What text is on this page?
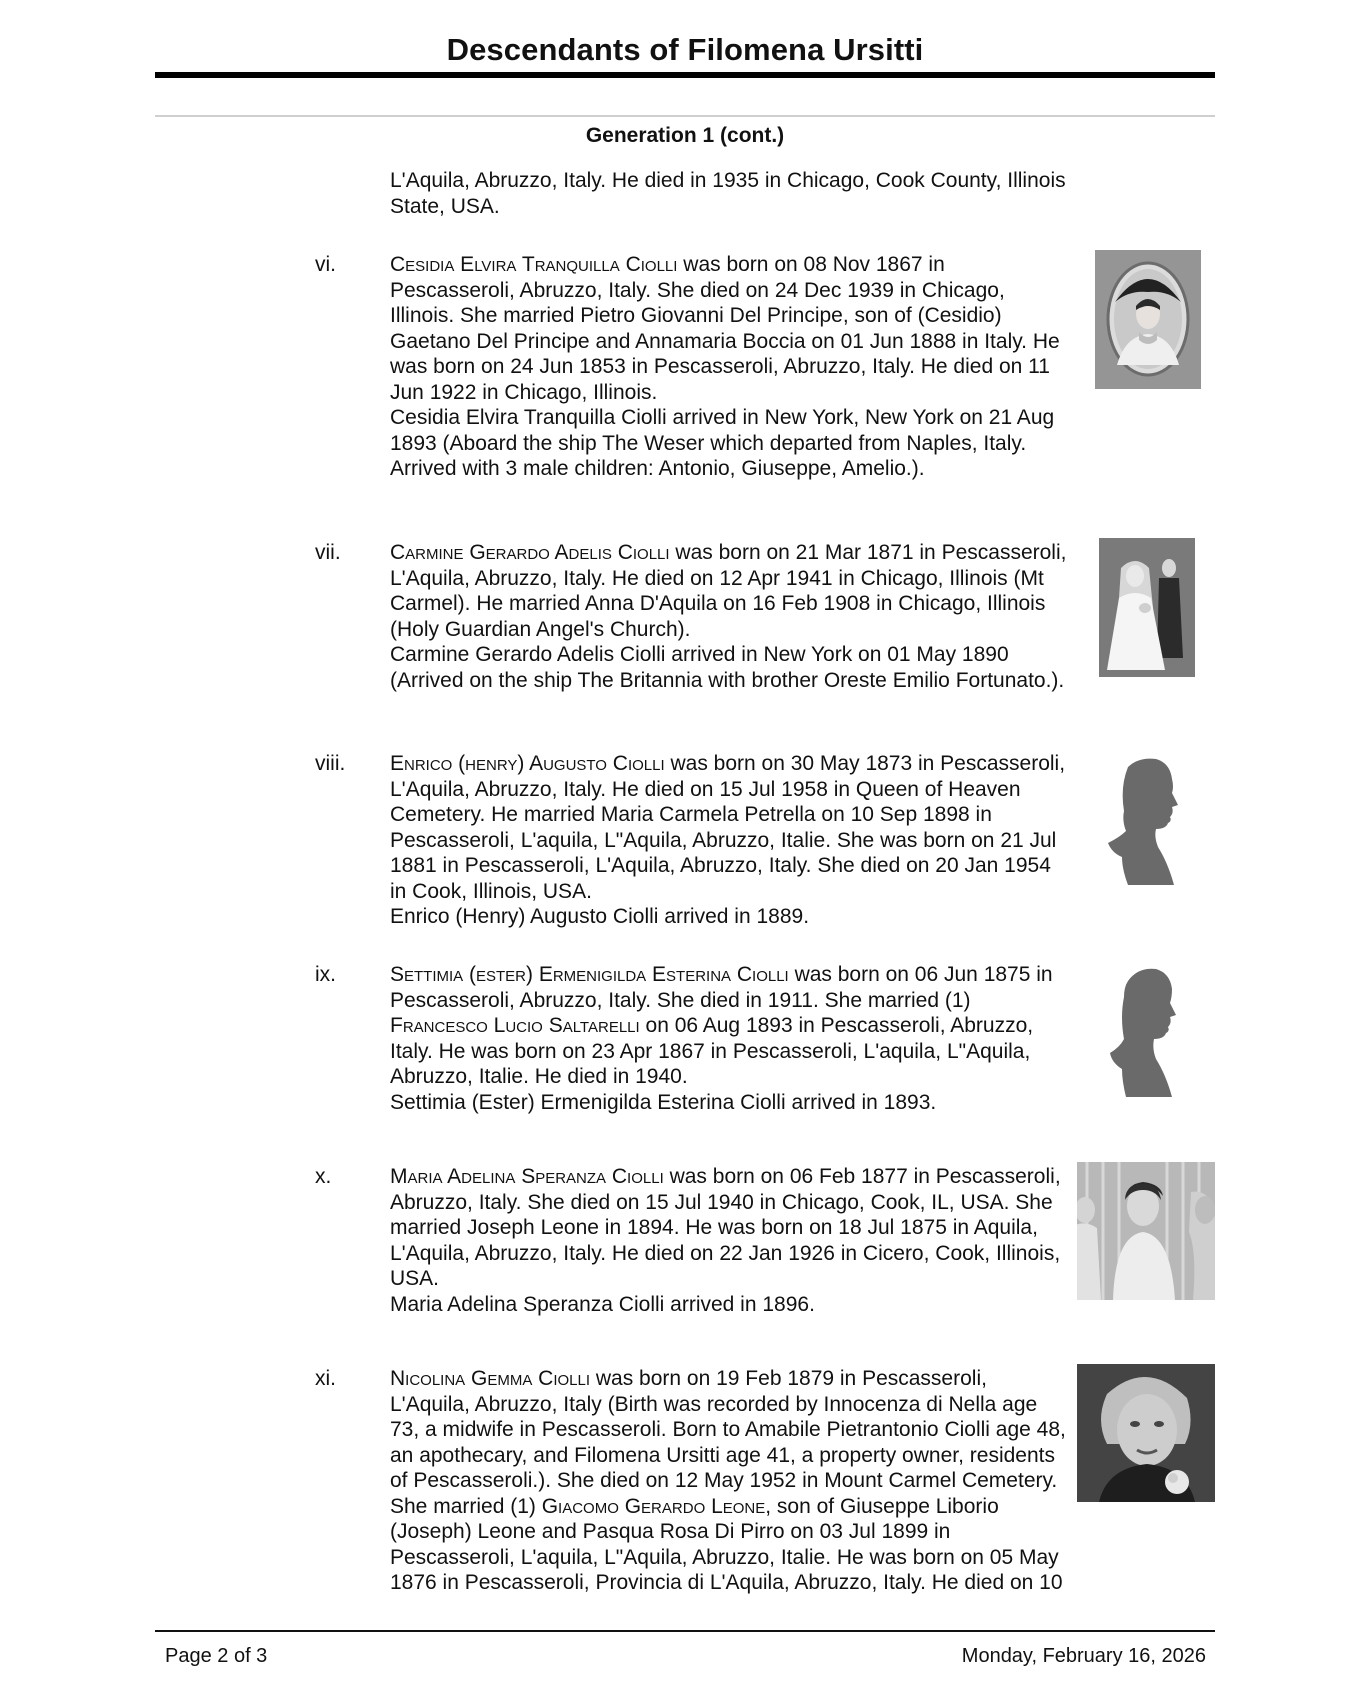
Descendants of Filomena Ursitti
Generation 1 (cont.)
L'Aquila, Abruzzo, Italy. He died in 1935 in Chicago, Cook County, Illinois State, USA.
vi.	Cesidia Elvira Tranquilla Ciolli was born on 08 Nov 1867 in Pescasseroli, Abruzzo, Italy. She died on 24 Dec 1939 in Chicago, Illinois. She married Pietro Giovanni Del Principe, son of (Cesidio) Gaetano Del Principe and Annamaria Boccia on 01 Jun 1888 in Italy. He was born on 24 Jun 1853 in Pescasseroli, Abruzzo, Italy. He died on 11 Jun 1922 in Chicago, Illinois.
Cesidia Elvira Tranquilla Ciolli arrived in New York, New York on 21 Aug 1893 (Aboard the ship The Weser which departed from Naples, Italy. Arrived with 3 male children: Antonio, Giuseppe, Amelio.).
vii. Carmine Gerardo Adelis Ciolli was born on 21 Mar 1871 in Pescasseroli, L'Aquila, Abruzzo, Italy. He died on 12 Apr 1941 in Chicago, Illinois (Mt Carmel). He married Anna D'Aquila on 16 Feb 1908 in Chicago, Illinois (Holy Guardian Angel's Church).
Carmine Gerardo Adelis Ciolli arrived in New York on 01 May 1890 (Arrived on the ship The Britannia with brother Oreste Emilio Fortunato.).
viii. Enrico (henry) Augusto Ciolli was born on 30 May 1873 in Pescasseroli, L'Aquila, Abruzzo, Italy. He died on 15 Jul 1958 in Queen of Heaven Cemetery. He married Maria Carmela Petrella on 10 Sep 1898 in Pescasseroli, L'aquila, L"Aquila, Abruzzo, Italie. She was born on 21 Jul 1881 in Pescasseroli, L'Aquila, Abruzzo, Italy. She died on 20 Jan 1954 in Cook, Illinois, USA.
Enrico (Henry) Augusto Ciolli arrived in 1889.
ix.	Settimia (ester) Ermenigilda Esterina Ciolli was born on 06 Jun 1875 in Pescasseroli, Abruzzo, Italy. She died in 1911. She married (1) Francesco Lucio Saltarelli on 06 Aug 1893 in Pescasseroli, Abruzzo, Italy. He was born on 23 Apr 1867 in Pescasseroli, L'aquila, L"Aquila, Abruzzo, Italie. He died in 1940.
Settimia (Ester) Ermenigilda Esterina Ciolli arrived in 1893.
x.	Maria Adelina Speranza Ciolli was born on 06 Feb 1877 in Pescasseroli, Abruzzo, Italy. She died on 15 Jul 1940 in Chicago, Cook, IL, USA. She married Joseph Leone in 1894. He was born on 18 Jul 1875 in Aquila, L'Aquila, Abruzzo, Italy. He died on 22 Jan 1926 in Cicero, Cook, Illinois, USA.
Maria Adelina Speranza Ciolli arrived in 1896.
xi.	Nicolina Gemma Ciolli was born on 19 Feb 1879 in Pescasseroli, L'Aquila, Abruzzo, Italy (Birth was recorded by Innocenza di Nella age 73, a midwife in Pescasseroli. Born to Amabile Pietrantonio Ciolli age 48, an apothecary, and Filomena Ursitti age 41, a property owner, residents of Pescasseroli.). She died on 12 May 1952 in Mount Carmel Cemetery. She married (1) Giacomo Gerardo Leone, son of Giuseppe Liborio (Joseph) Leone and Pasqua Rosa Di Pirro on 03 Jul 1899 in Pescasseroli, L'aquila, L"Aquila, Abruzzo, Italie. He was born on 05 May 1876 in Pescasseroli, Provincia di L'Aquila, Abruzzo, Italy. He died on 10
Page 2 of 3	Monday, February 16, 2026
